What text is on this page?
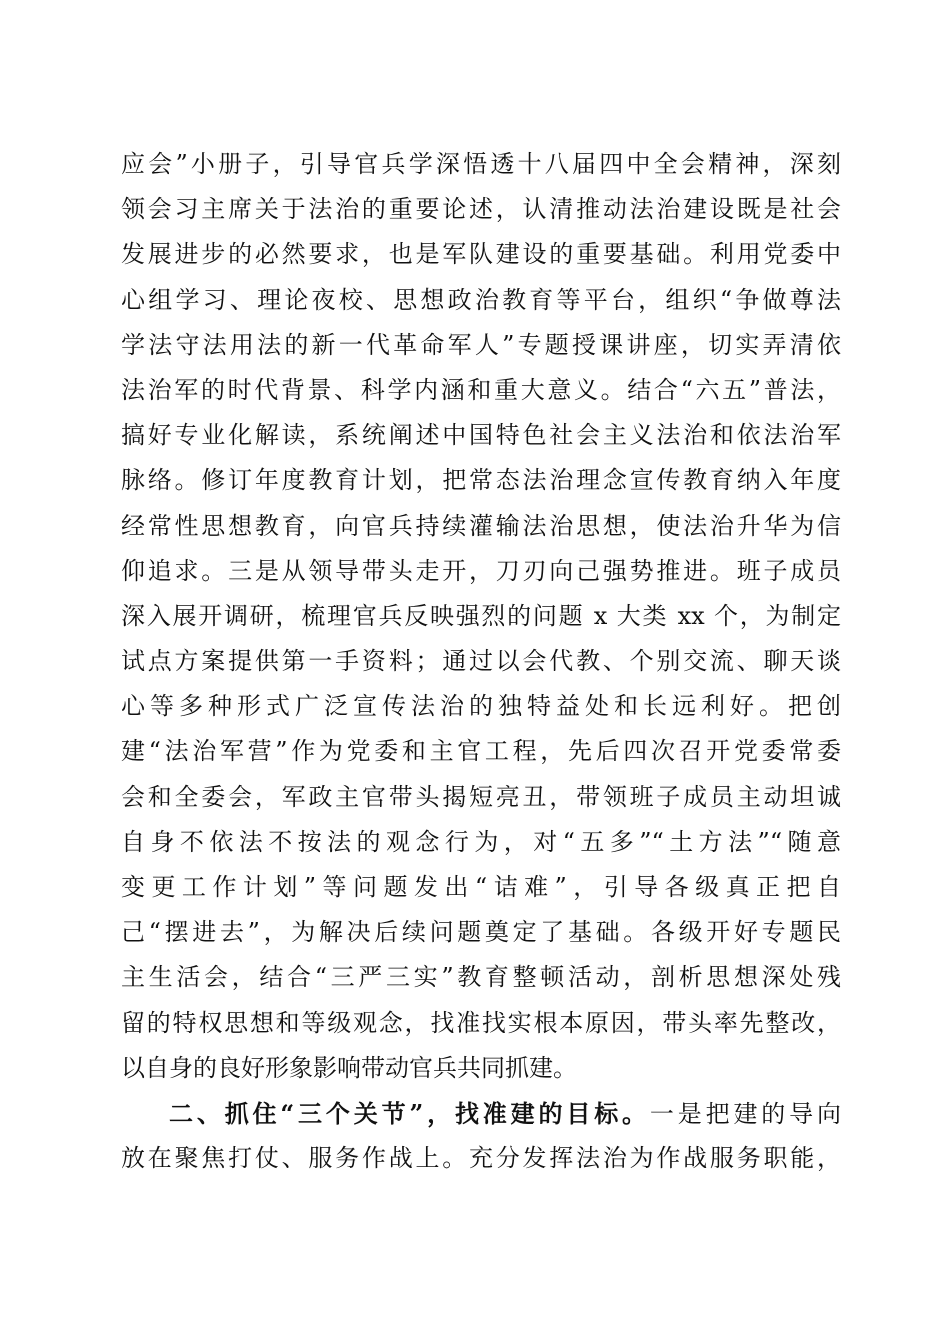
应会”小册子，引导官兵学深悟透十八届四中全会精神，深刻
领会习主席关于法治的重要论述，认清推动法治建设既是社会
发展进步的必然要求，也是军队建设的重要基础。利用党委中
心组学习、理论夜校、思想政治教育等平台，组织“争做尊法
学法守法用法的新一代革命军人”专题授课讲座，切实弄清依
法治军的时代背景、科学内涵和重大意义。结合“六五”普法，
搞好专业化解读，系统阐述中国特色社会主义法治和依法治军
脉络。修订年度教育计划，把常态法治理念宣传教育纳入年度
经常性思想教育，向官兵持续灌输法治思想，使法治升华为信
仰追求。三是从领导带头走开，刀刃向己强势推进。班子成员
深入展开调研，梳理官兵反映强烈的问题 x 大类 xx 个，为制定
试点方案提供第一手资料；通过以会代教、个别交流、聊天谈
心等多种形式广泛宣传法治的独特益处和长远利好。把创
建“法治军营”作为党委和主官工程，先后四次召开党委常委
会和全委会，军政主官带头揭短亮丑，带领班子成员主动坦诚
自身不依法不按法的观念行为，对“五多”“土方法”“随意
变更工作计划”等问题发出“诘难”，引导各级真正把自
己“摆进去”，为解决后续问题奠定了基础。各级开好专题民
主生活会，结合“三严三实”教育整顿活动，剖析思想深处残
留的特权思想和等级观念，找准找实根本原因，带头率先整改，
以自身的良好形象影响带动官兵共同抓建。
二、抓住“三个关节”，找准建的目标。一是把建的导向
放在聚焦打仗、服务作战上。充分发挥法治为作战服务职能，
